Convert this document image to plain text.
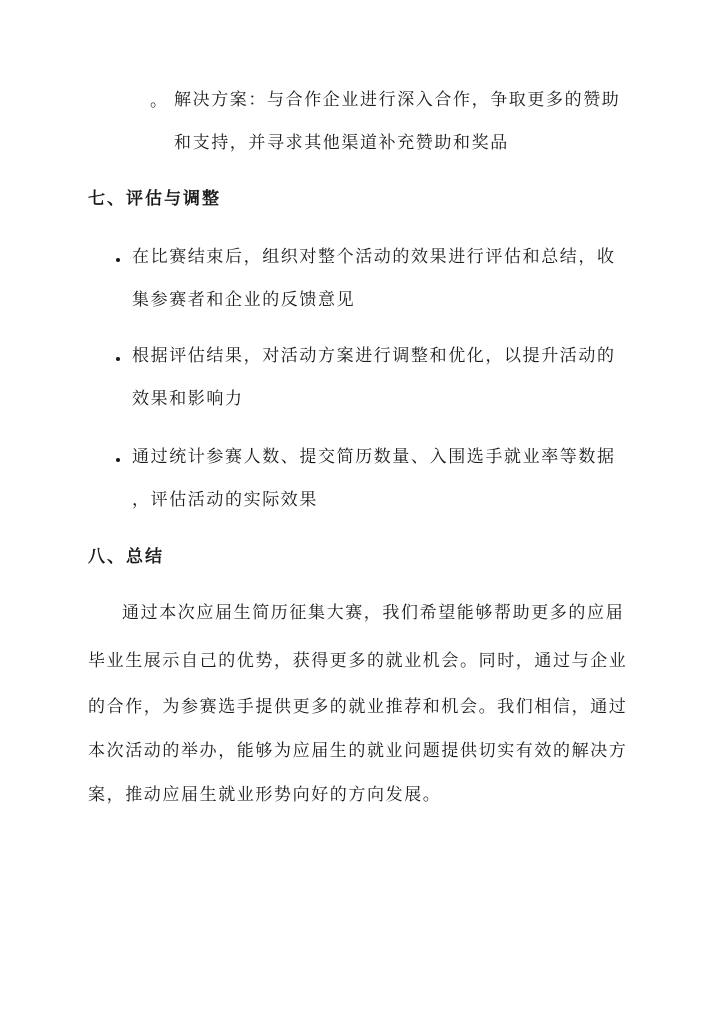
。 解决方案：与合作企业进行深入合作，争取更多的赞助
和支持，并寻求其他渠道补充赞助和奖品
七、评估与调整
在比赛结束后，组织对整个活动的效果进行评估和总结，收
集参赛者和企业的反馈意见
根据评估结果，对活动方案进行调整和优化，以提升活动的
效果和影响力
通过统计参赛人数、提交简历数量、入围选手就业率等数据
，评估活动的实际效果
八、总结
通过本次应届生简历征集大赛，我们希望能够帮助更多的应届
毕业生展示自己的优势，获得更多的就业机会。同时，通过与企业
的合作，为参赛选手提供更多的就业推荐和机会。我们相信，通过
本次活动的举办，能够为应届生的就业问题提供切实有效的解决方
案，推动应届生就业形势向好的方向发展。
